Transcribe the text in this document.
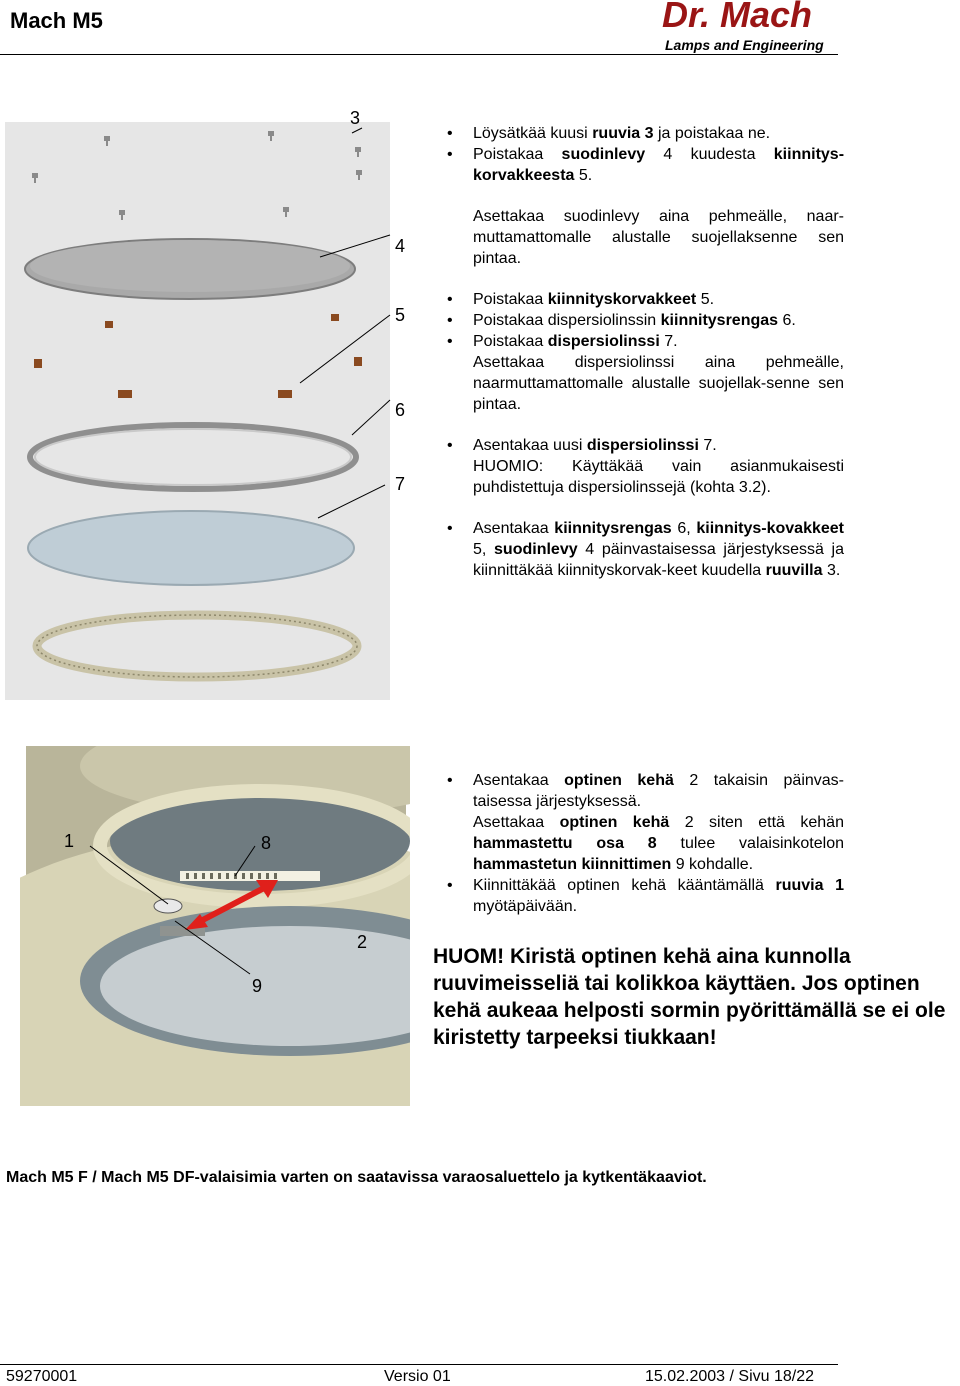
Mach M5	Dr. Mach
Lamps and Engineering
3
4
5
6
7
• Löysätkää kuusi ruuvia 3 ja poistakaa ne.
• Poistakaa suodinlevy 4 kuudesta kiinnitys-korvakkeesta 5.
Asettakaa suodinlevy aina pehmeälle, naar-muttamattomalle alustalle suojellaksenne sen pintaa.
• Poistakaa kiinnityskorvakkeet 5.
• Poistakaa dispersiolinssin kiinnitysrengas 6.
• Poistakaa dispersiolinssi 7.
Asettakaa dispersiolinssi aina pehmeälle, naarmuttamattomalle alustalle suojellak-senne sen pintaa.
• Asentakaa uusi dispersiolinssi 7.
HUOMIO: Käyttäkää vain asianmukaisesti puhdistettuja dispersiolinssejä (kohta 3.2).
• Asentakaa kiinnitysrengas 6, kiinnitys-kovakkeet 5, suodinlevy 4 päinvastaisessa järjestyksessä ja kiinnittäkää kiinnityskorvak-keet kuudella ruuvilla 3.
1	8
2
9
• Asentakaa optinen kehä 2 takaisin päinvas-taisessa järjestyksessä.
Asettakaa optinen kehä 2 siten että kehän hammastettu osa 8 tulee valaisinkotelon hammastetun kiinnittimen 9 kohdalle.
• Kiinnittäkää optinen kehä kääntämällä ruuvia 1 myötäpäivään.
HUOM! Kiristä optinen kehä aina kunnolla ruuvimeisseliä tai kolikkoa käyttäen. Jos optinen kehä aukeaa helposti sormin pyörittämällä se ei ole kiristetty tarpeeksi tiukkaan!
Mach M5 F / Mach M5 DF-valaisimia varten on saatavissa varaosaluettelo ja kytkentäkaaviot.
59270001	Versio 01	15.02.2003 / Sivu 18/22
